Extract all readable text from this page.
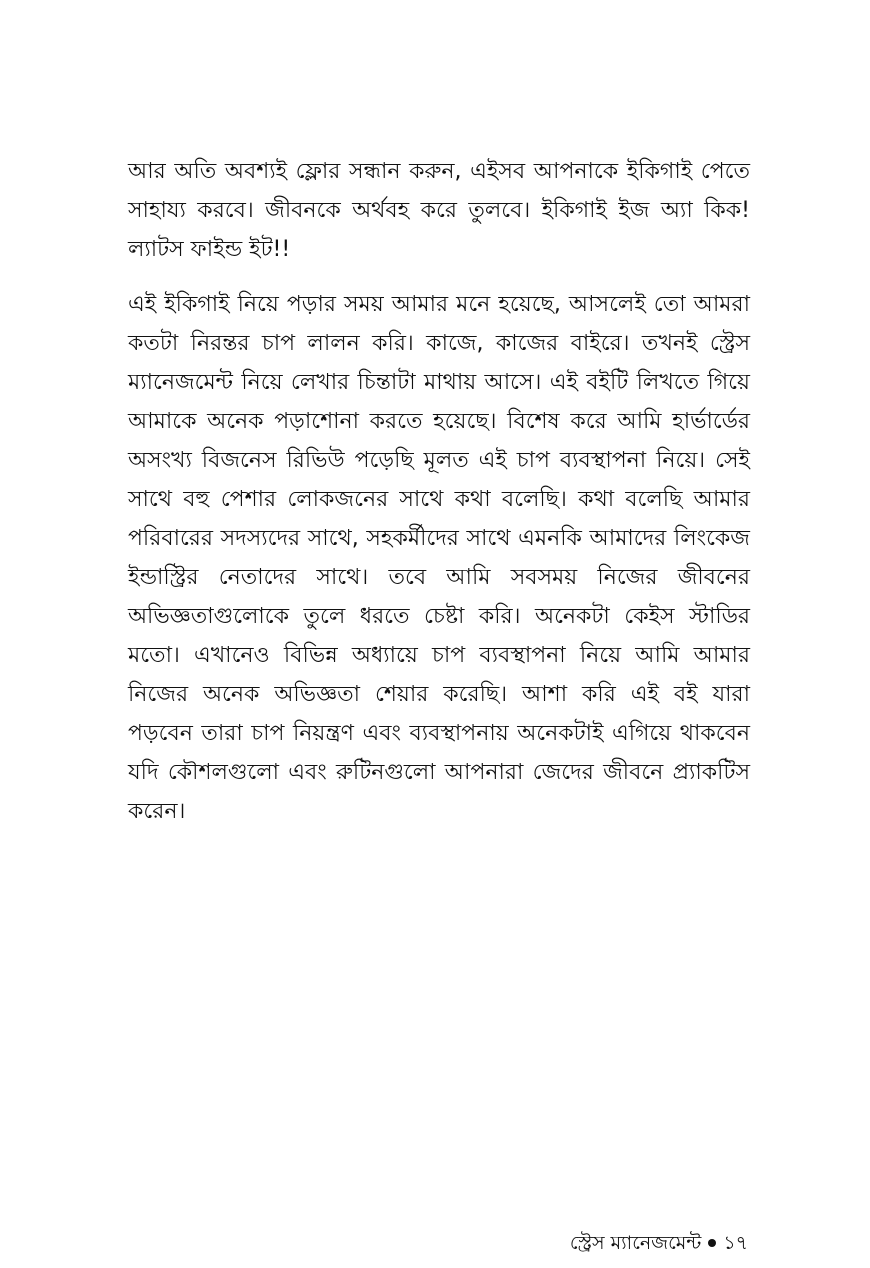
আর অতি অবশ্যই ফ্লোর সন্ধান করুন, এইসব আপনাকে ইকিগাই পেতে সাহায্য করবে। জীবনকে অর্থবহ করে তুলবে। ইকিগাই ইজ অ্যা কিক! ল্যাটস ফাইন্ড ইট!!

এই ইকিগাই নিয়ে পড়ার সময় আমার মনে হয়েছে, আসলেই তো আমরা কতটা নিরন্তর চাপ লালন করি। কাজে, কাজের বাইরে। তখনই স্ট্রেস ম্যানেজমেন্ট নিয়ে লেখার চিন্তাটা মাথায় আসে। এই বইটি লিখতে গিয়ে আমাকে অনেক পড়াশোনা করতে হয়েছে। বিশেষ করে আমি হার্ভার্ডের অসংখ্য বিজনেস রিভিউ পড়েছি মূলত এই চাপ ব্যবস্থাপনা নিয়ে। সেই সাথে বহু পেশার লোকজনের সাথে কথা বলেছি। কথা বলেছি আমার পরিবারের সদস্যদের সাথে, সহকর্মীদের সাথে এমনকি আমাদের লিংকেজ ইন্ডাস্ট্রির নেতাদের সাথে। তবে আমি সবসময় নিজের জীবনের অভিজ্ঞতাগুলোকে তুলে ধরতে চেষ্টা করি। অনেকটা কেইস স্টাডির মতো। এখানেও বিভিন্ন অধ্যায়ে চাপ ব্যবস্থাপনা নিয়ে আমি আমার নিজের অনেক অভিজ্ঞতা শেয়ার করেছি। আশা করি এই বই যারা পড়বেন তারা চাপ নিয়ন্ত্রণ এবং ব্যবস্থাপনায় অনেকটাই এগিয়ে থাকবেন যদি কৌশলগুলো এবং রুটিনগুলো আপনারা জেদের জীবনে প্র্যাকটিস করেন।

স্ট্রেস ম্যানেজমেন্ট ১৭
